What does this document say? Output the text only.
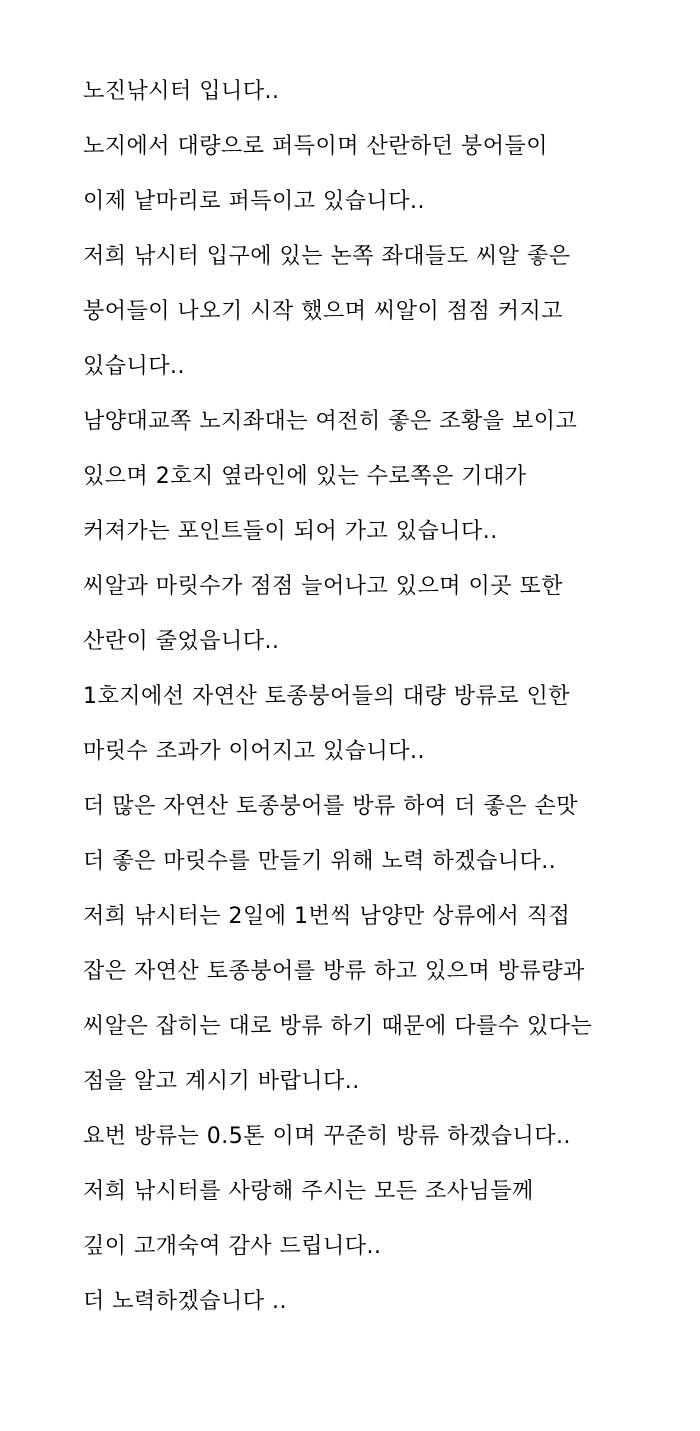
노진낚시터 입니다..
노지에서 대량으로 퍼득이며 산란하던 붕어들이
이제 낱마리로 퍼득이고 있습니다..
저희 낚시터 입구에 있는 논쪽 좌대들도 씨알 좋은
붕어들이 나오기 시작 했으며 씨알이 점점 커지고
있습니다..
남양대교쪽 노지좌대는 여전히 좋은 조황을 보이고
있으며 2호지 옆라인에 있는 수로쪽은 기대가
커져가는 포인트들이 되어 가고 있습니다..
씨알과 마릿수가 점점 늘어나고 있으며 이곳 또한
산란이 줄었읍니다..
1호지에선 자연산 토종붕어들의 대량 방류로 인한
마릿수 조과가 이어지고 있습니다..
더 많은 자연산 토종붕어를 방류 하여 더 좋은 손맛
더 좋은 마릿수를 만들기 위해 노력 하겠습니다..
저희 낚시터는 2일에 1번씩 남양만 상류에서 직접
잡은 자연산 토종붕어를 방류 하고 있으며 방류량과
씨알은 잡히는 대로 방류 하기 때문에 다를수 있다는
점을 알고 계시기 바랍니다..
요번 방류는 0.5톤 이며 꾸준히 방류 하겠습니다..
저희 낚시터를 사랑해 주시는 모든 조사님들께
깊이 고개숙여 감사 드립니다..
더 노력하겠습니다 ..
